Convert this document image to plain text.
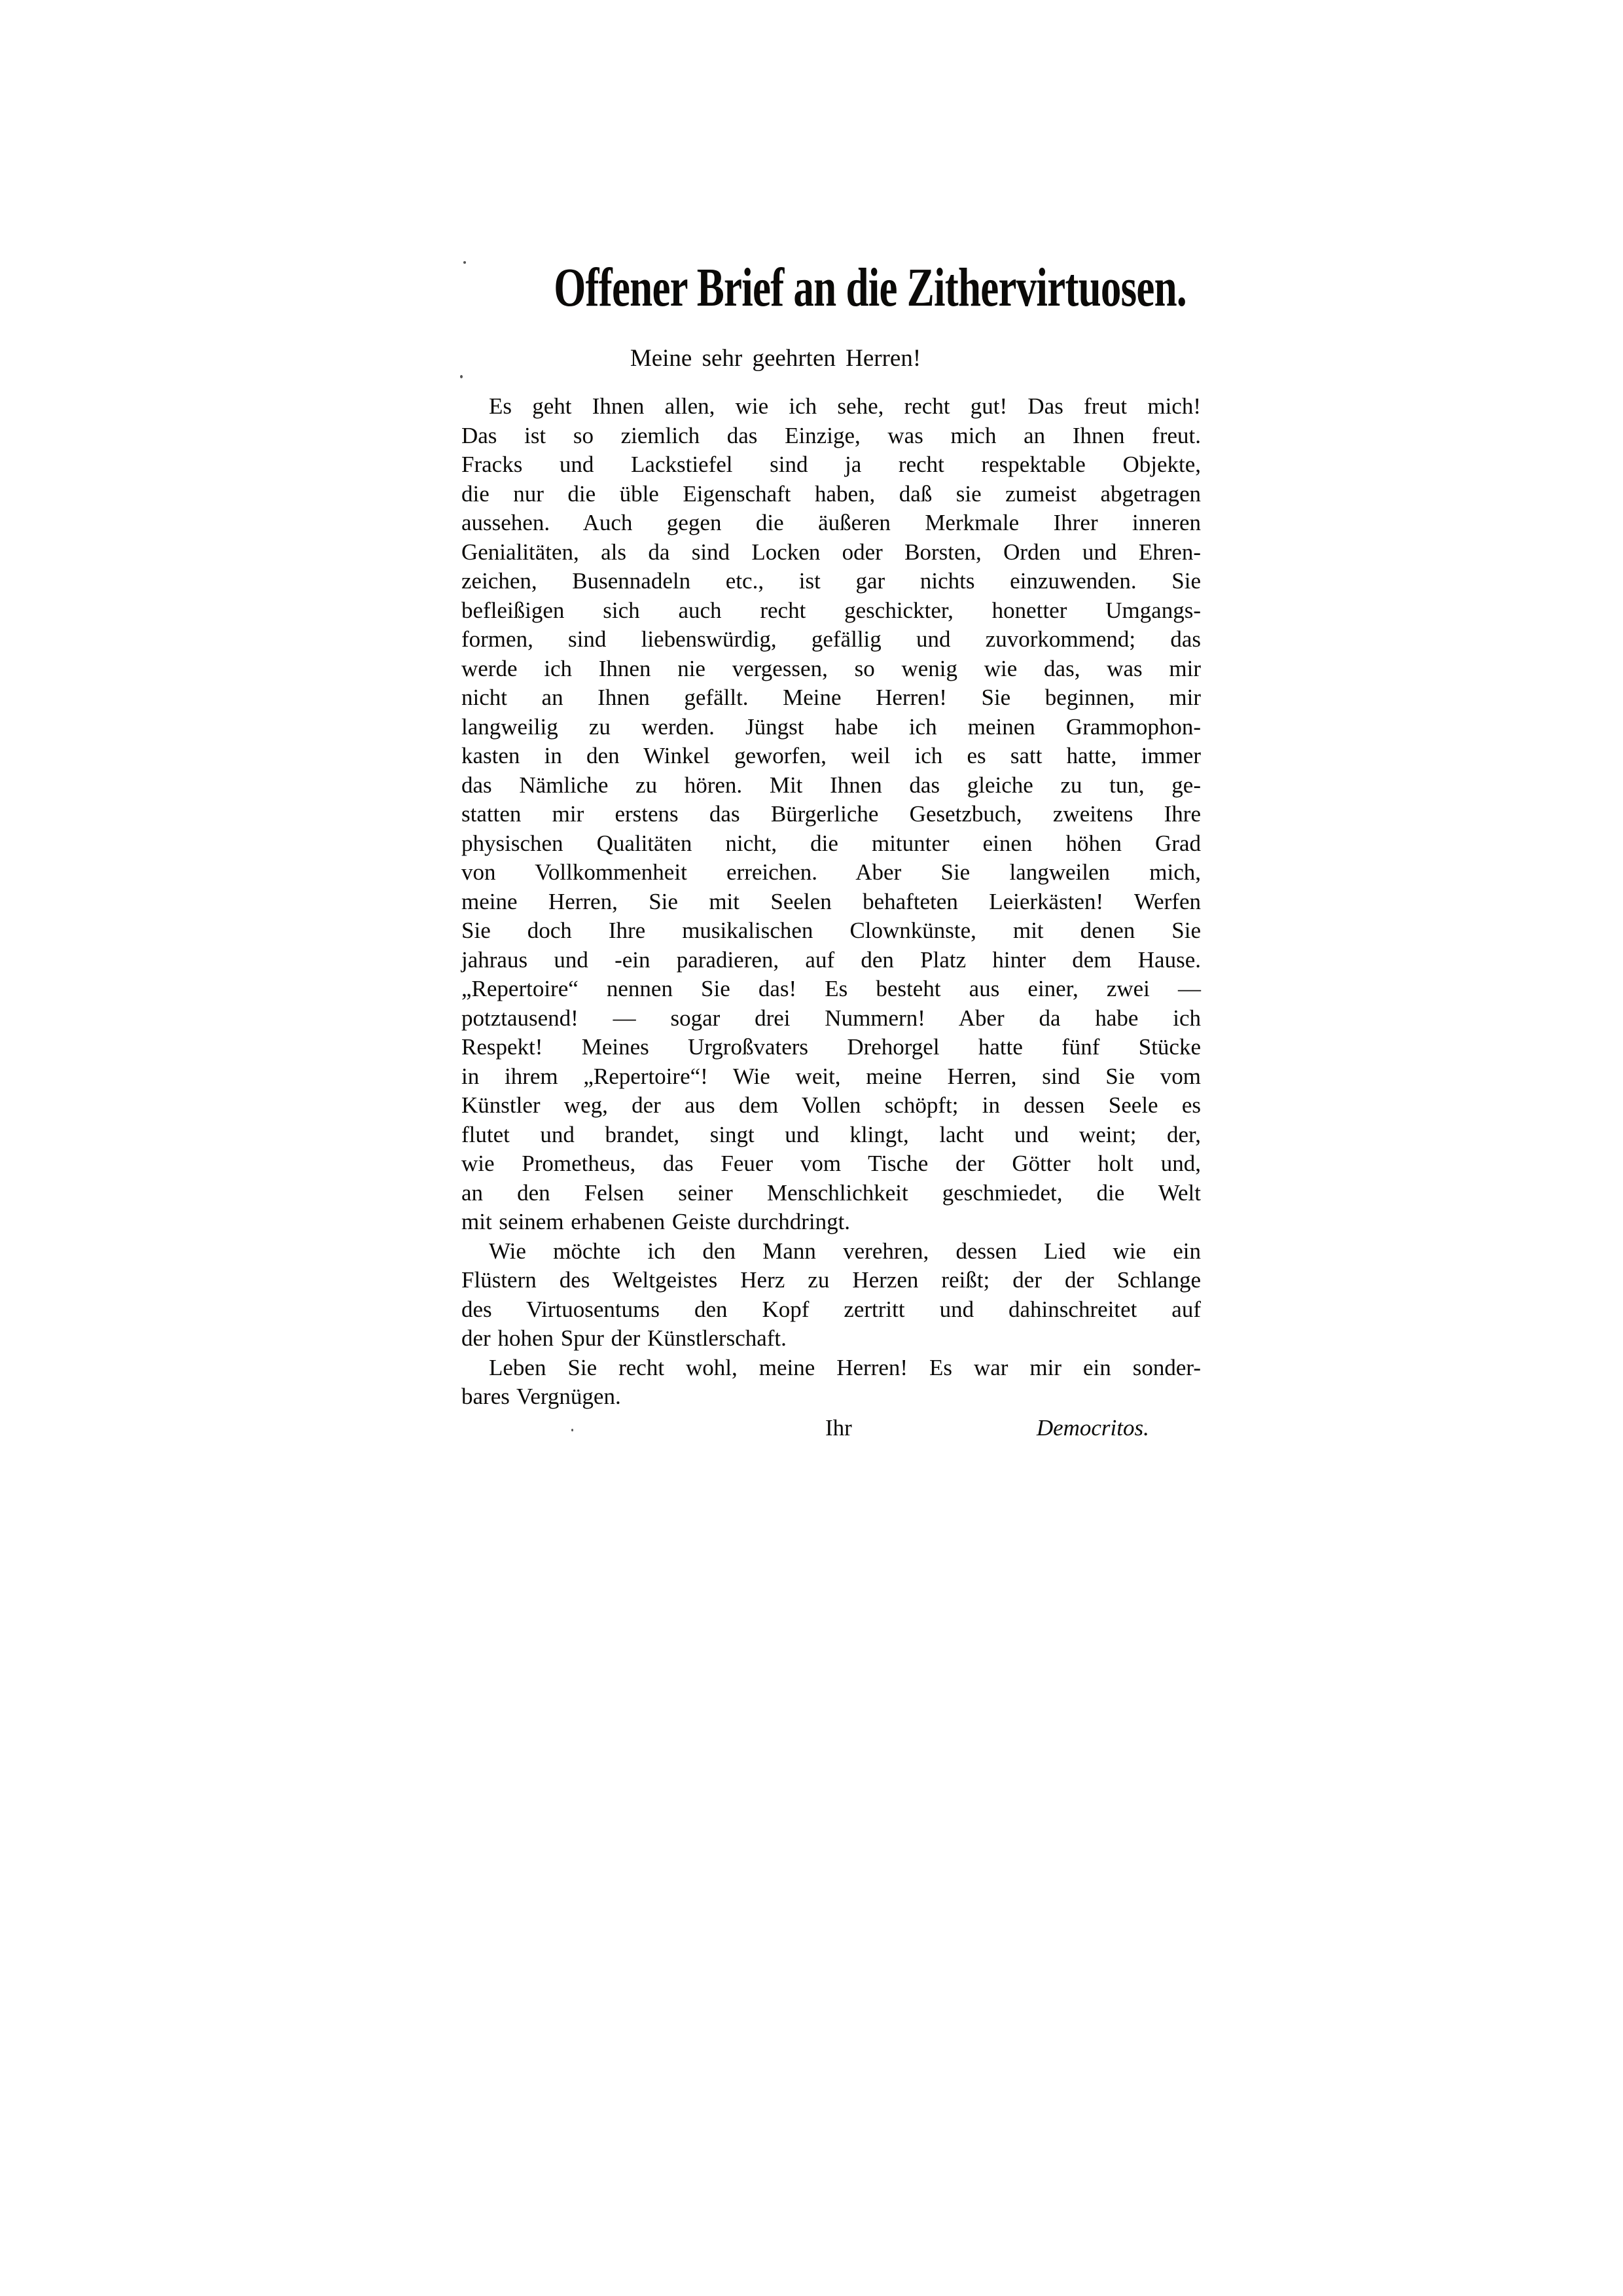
Offener Brief an die Zithervirtuosen.
Meine sehr geehrten Herren!
Es geht Ihnen allen, wie ich sehe, recht gut! Das freut mich!
Das ist so ziemlich das Einzige, was mich an Ihnen freut.
Fracks und Lackstiefel sind ja recht respektable Objekte,
die nur die üble Eigenschaft haben, daß sie zumeist abgetragen
aussehen. Auch gegen die äußeren Merkmale Ihrer inneren
Genialitäten, als da sind Locken oder Borsten, Orden und Ehren-
zeichen, Busennadeln etc., ist gar nichts einzuwenden. Sie
befleißigen sich auch recht geschickter, honetter Umgangs-
formen, sind liebenswürdig, gefällig und zuvorkommend; das
werde ich Ihnen nie vergessen, so wenig wie das, was mir
nicht an Ihnen gefällt. Meine Herren! Sie beginnen, mir
langweilig zu werden. Jüngst habe ich meinen Grammophon-
kasten in den Winkel geworfen, weil ich es satt hatte, immer
das Nämliche zu hören. Mit Ihnen das gleiche zu tun, ge-
statten mir erstens das Bürgerliche Gesetzbuch, zweitens Ihre
physischen Qualitäten nicht, die mitunter einen höhen Grad
von Vollkommenheit erreichen. Aber Sie langweilen mich,
meine Herren, Sie mit Seelen behafteten Leierkästen! Werfen
Sie doch Ihre musikalischen Clownkünste, mit denen Sie
jahraus und -ein paradieren, auf den Platz hinter dem Hause.
„Repertoire“ nennen Sie das! Es besteht aus einer, zwei —
potztausend! — sogar drei Nummern! Aber da habe ich
Respekt! Meines Urgroßvaters Drehorgel hatte fünf Stücke
in ihrem „Repertoire“! Wie weit, meine Herren, sind Sie vom
Künstler weg, der aus dem Vollen schöpft; in dessen Seele es
flutet und brandet, singt und klingt, lacht und weint; der,
wie Prometheus, das Feuer vom Tische der Götter holt und,
an den Felsen seiner Menschlichkeit geschmiedet, die Welt
mit seinem erhabenen Geiste durchdringt.
Wie möchte ich den Mann verehren, dessen Lied wie ein
Flüstern des Weltgeistes Herz zu Herzen reißt; der der Schlange
des Virtuosentums den Kopf zertritt und dahinschreitet auf
der hohen Spur der Künstlerschaft.
Leben Sie recht wohl, meine Herren! Es war mir ein sonder-
bares Vergnügen.
Ihr	Democritos.
